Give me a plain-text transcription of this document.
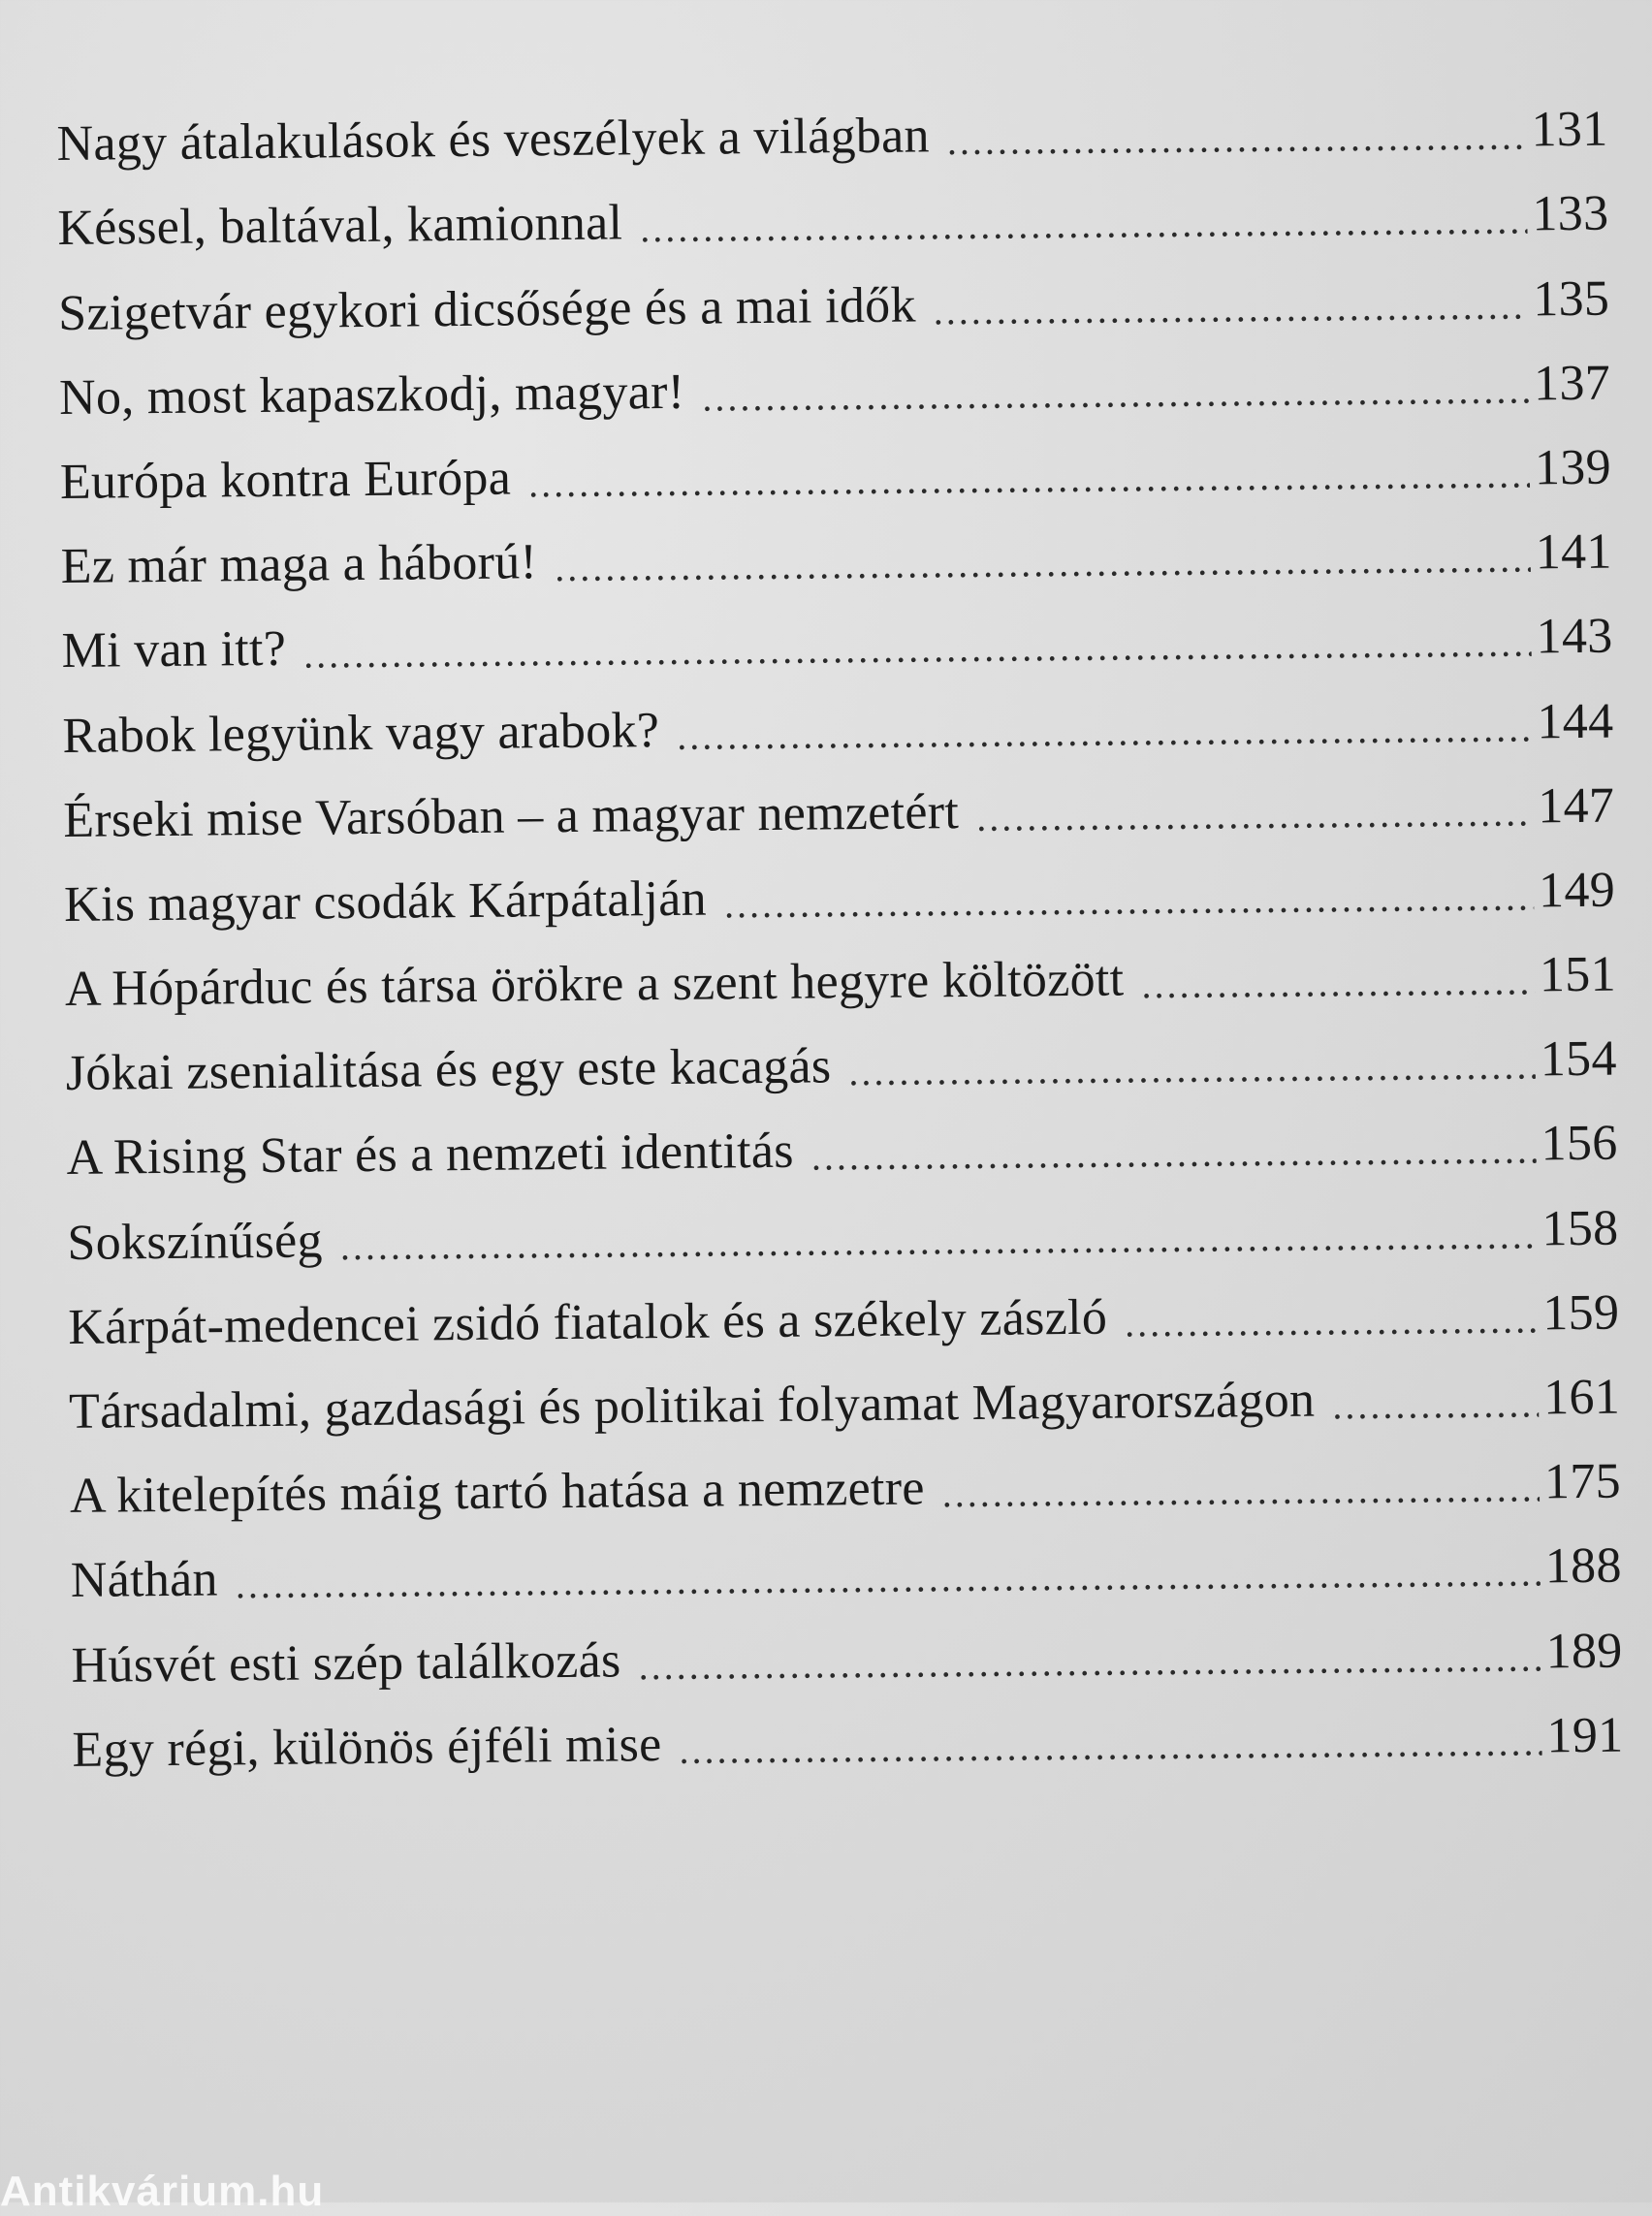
Nagy átalakulások és veszélyek a világban .....	131
Késsel, baltával, kamionnal .....	133
Szigetvár egykori dicsősége és a mai idők .....	135
No, most kapaszkodj, magyar! .....	137
Európa kontra Európa .....	139
Ez már maga a háború! .....	141
Mi van itt? .....	143
Rabok legyünk vagy arabok? .....	144
Érseki mise Varsóban – a magyar nemzetért .....	147
Kis magyar csodák Kárpátalján .....	149
A Hópárduc és társa örökre a szent hegyre költözött .....	151
Jókai zsenialitása és egy este kacagás .....	154
A Rising Star és a nemzeti identitás .....	156
Sokszínűség .....	158
Kárpát-medencei zsidó fiatalok és a székely zászló .....	159
Társadalmi, gazdasági és politikai folyamat Magyarországon .....	161
A kitelepítés máig tartó hatása a nemzetre .....	175
Náthán .....	188
Húsvét esti szép találkozás .....	189
Egy régi, különös éjféli mise .....	191
Antikvárium.hu
